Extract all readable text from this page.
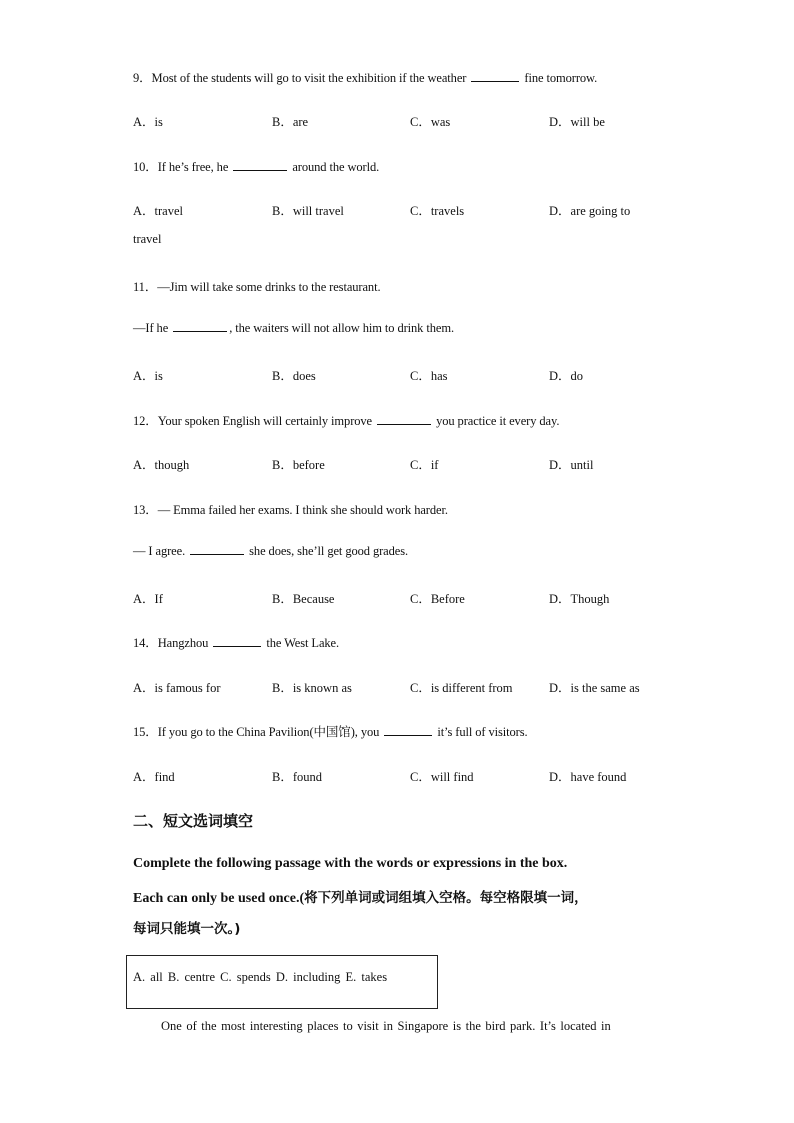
9．Most of the students will go to visit the exhibition if the weather	fine tomorrow.
A．is	B．are	C．was	D．will be
10．If he’s free, he	around the world.
A．travel	B．will travel	C．travels	D．are going to
travel
11．—Jim will take some drinks to the restaurant.
—If he	, the waiters will not allow him to drink them.
A．is	B．does	C．has	D．do
12．Your spoken English will certainly improve	you practice it every day.
A．though	B．before	C．if	D．until
13．— Emma failed her exams. I think she should work harder.
— I agree.	she does, she’ll get good grades.
A．If	B．Because	C．Before	D．Though
14．Hangzhou	the West Lake.
A．is famous for	B．is known as	C．is different from	D．is the same as
15．If you go to the China Pavilion(中国馆), you	it’s full of visitors.
A．find	B．found	C．will find	D．have found
二、短文选词填空
Complete the following passage with the words or expressions in the box.
Each can only be used once.(将下列单词或词组填入空格。每空格限填一词，
每词只能填一次。)
A. all B. centre C. spends D. including E. takes
One of the most interesting places to visit in Singapore is the bird park. It’s located in
